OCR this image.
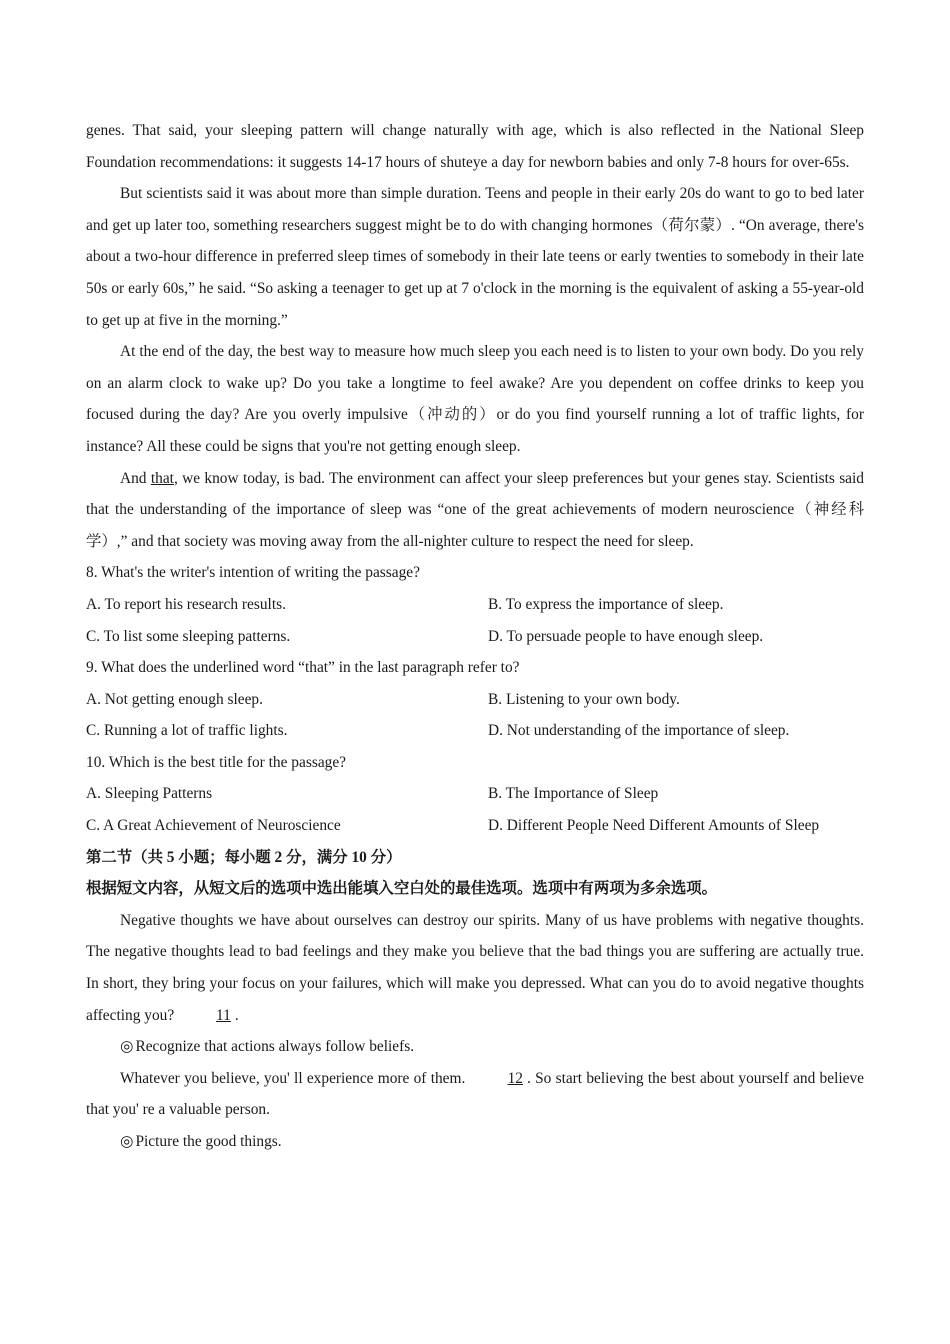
genes. That said, your sleeping pattern will change naturally with age, which is also reflected in the National Sleep Foundation recommendations: it suggests 14-17 hours of shuteye a day for newborn babies and only 7-8 hours for over-65s.

But scientists said it was about more than simple duration. Teens and people in their early 20s do want to go to bed later and get up later too, something researchers suggest might be to do with changing hormones（荷尔蒙）. “On average, there's about a two-hour difference in preferred sleep times of somebody in their late teens or early twenties to somebody in their late 50s or early 60s,” he said. “So asking a teenager to get up at 7 o'clock in the morning is the equivalent of asking a 55-year-old to get up at five in the morning.”

At the end of the day, the best way to measure how much sleep you each need is to listen to your own body. Do you rely on an alarm clock to wake up? Do you take a longtime to feel awake? Are you dependent on coffee drinks to keep you focused during the day? Are you overly impulsive（冲动的）or do you find yourself running a lot of traffic lights, for instance? All these could be signs that you're not getting enough sleep.

And that, we know today, is bad. The environment can affect your sleep preferences but your genes stay. Scientists said that the understanding of the importance of sleep was “one of the great achievements of modern neuroscience（神经科学）,” and that society was moving away from the all-nighter culture to respect the need for sleep.

8. What's the writer's intention of writing the passage?

A. To report his research results.	B. To express the importance of sleep.
C. To list some sleeping patterns.	D. To persuade people to have enough sleep.

9. What does the underlined word “that” in the last paragraph refer to?

A. Not getting enough sleep.	B. Listening to your own body.
C. Running a lot of traffic lights.	D. Not understanding of the importance of sleep.

10. Which is the best title for the passage?

A. Sleeping Patterns	B. The Importance of Sleep
C. A Great Achievement of Neuroscience	D. Different People Need Different Amounts of Sleep

第二节（共 5 小题；每小题 2 分，满分 10 分）

根据短文内容，从短文后的选项中选出能填入空白处的最佳选项。选项中有两项为多余选项。

Negative thoughts we have about ourselves can destroy our spirits. Many of us have problems with negative thoughts. The negative thoughts lead to bad feelings and they make you believe that the bad things you are suffering are actually true. In short, they bring your focus on your failures, which will make you depressed. What can you do to avoid negative thoughts affecting you?	11 .

◎ Recognize that actions always follow beliefs.

Whatever you believe, you' ll experience more of them.	12 . So start believing the best about yourself and believe that you' re a valuable person.

◎ Picture the good things.
